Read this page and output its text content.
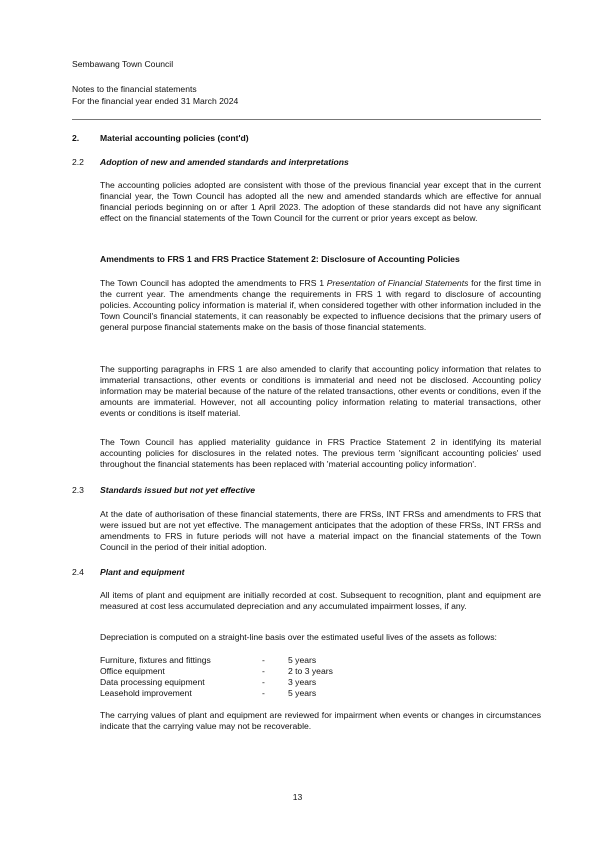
Sembawang Town Council
Notes to the financial statements
For the financial year ended 31 March 2024
2. Material accounting policies (cont'd)
2.2 Adoption of new and amended standards and interpretations
The accounting policies adopted are consistent with those of the previous financial year except that in the current financial year, the Town Council has adopted all the new and amended standards which are effective for annual financial periods beginning on or after 1 April 2023. The adoption of these standards did not have any significant effect on the financial statements of the Town Council for the current or prior years except as below.
Amendments to FRS 1 and FRS Practice Statement 2: Disclosure of Accounting Policies
The Town Council has adopted the amendments to FRS 1 Presentation of Financial Statements for the first time in the current year. The amendments change the requirements in FRS 1 with regard to disclosure of accounting policies. Accounting policy information is material if, when considered together with other information included in the Town Council's financial statements, it can reasonably be expected to influence decisions that the primary users of general purpose financial statements make on the basis of those financial statements.
The supporting paragraphs in FRS 1 are also amended to clarify that accounting policy information that relates to immaterial transactions, other events or conditions is immaterial and need not be disclosed. Accounting policy information may be material because of the nature of the related transactions, other events or conditions, even if the amounts are immaterial. However, not all accounting policy information relating to material transactions, other events or conditions is itself material.
The Town Council has applied materiality guidance in FRS Practice Statement 2 in identifying its material accounting policies for disclosures in the related notes. The previous term 'significant accounting policies' used throughout the financial statements has been replaced with 'material accounting policy information'.
2.3 Standards issued but not yet effective
At the date of authorisation of these financial statements, there are FRSs, INT FRSs and amendments to FRS that were issued but are not yet effective. The management anticipates that the adoption of these FRSs, INT FRSs and amendments to FRS in future periods will not have a material impact on the financial statements of the Town Council in the period of their initial adoption.
2.4 Plant and equipment
All items of plant and equipment are initially recorded at cost. Subsequent to recognition, plant and equipment are measured at cost less accumulated depreciation and any accumulated impairment losses, if any.
Depreciation is computed on a straight-line basis over the estimated useful lives of the assets as follows:
Furniture, fixtures and fittings	-	5 years
Office equipment	-	2 to 3 years
Data processing equipment	-	3 years
Leasehold improvement	-	5 years
The carrying values of plant and equipment are reviewed for impairment when events or changes in circumstances indicate that the carrying value may not be recoverable.
13
